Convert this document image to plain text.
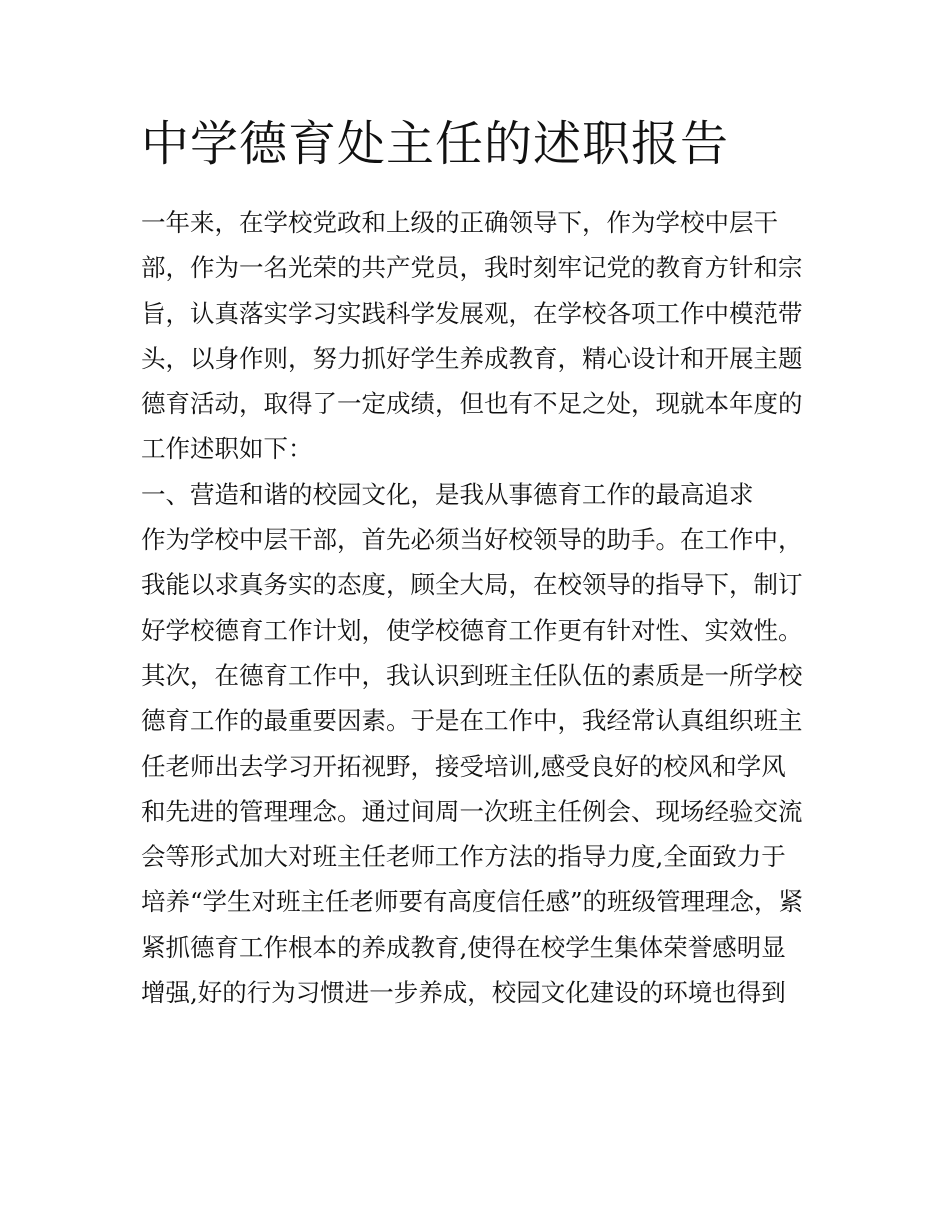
中学德育处主任的述职报告
一年来，在学校党政和上级的正确领导下，作为学校中层干
部，作为一名光荣的共产党员，我时刻牢记党的教育方针和宗
旨，认真落实学习实践科学发展观，在学校各项工作中模范带
头，以身作则，努力抓好学生养成教育，精心设计和开展主题
德育活动，取得了一定成绩，但也有不足之处，现就本年度的
工作述职如下：
一、营造和谐的校园文化，是我从事德育工作的最高追求
作为学校中层干部，首先必须当好校领导的助手。在工作中，
我能以求真务实的态度，顾全大局，在校领导的指导下，制订
好学校德育工作计划，使学校德育工作更有针对性、实效性。
其次，在德育工作中，我认识到班主任队伍的素质是一所学校
德育工作的最重要因素。于是在工作中，我经常认真组织班主
任老师出去学习开拓视野，接受培训,感受良好的校风和学风
和先进的管理理念。通过间周一次班主任例会、现场经验交流
会等形式加大对班主任老师工作方法的指导力度,全面致力于
培养“学生对班主任老师要有高度信任感”的班级管理理念，紧
紧抓德育工作根本的养成教育,使得在校学生集体荣誉感明显
增强,好的行为习惯进一步养成，校园文化建设的环境也得到
